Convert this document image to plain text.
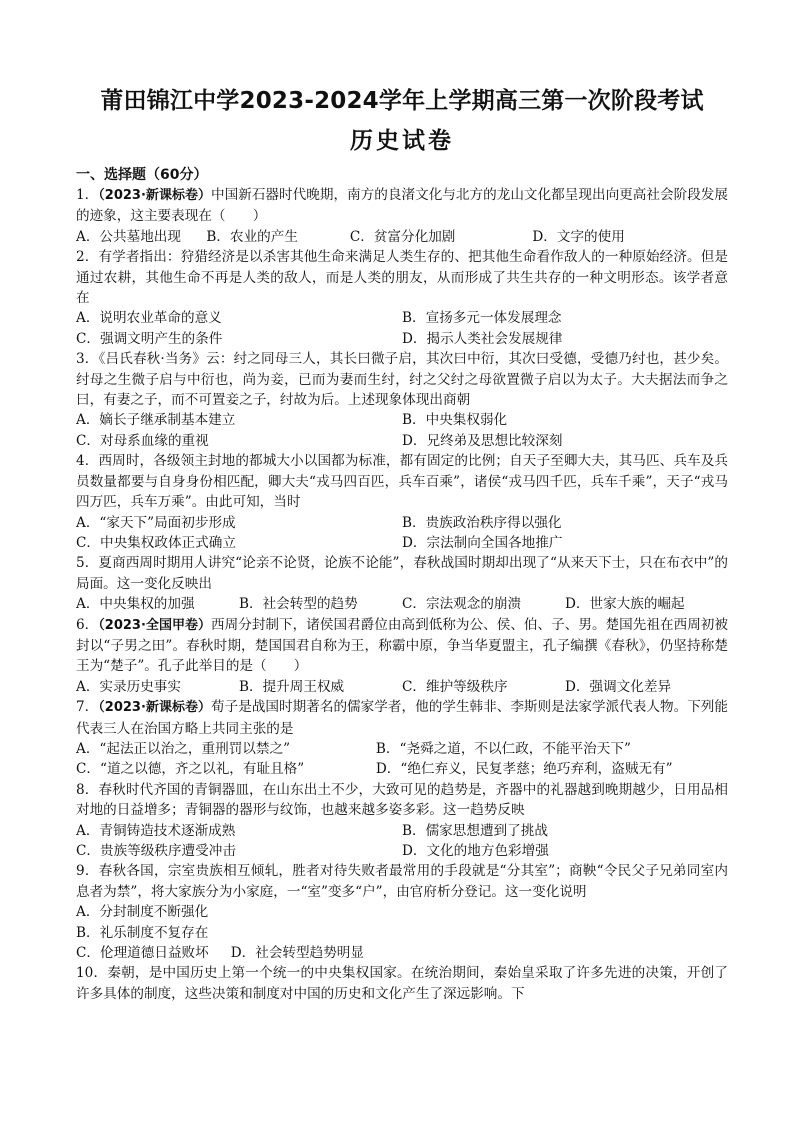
莆田锦江中学2023-2024学年上学期高三第一次阶段考试
历史试卷
一、选择题（60分）
1．（2023·新课标卷）中国新石器时代晚期，南方的良渚文化与北方的龙山文化都呈现出向更高社会阶段发展的迹象，这主要表现在（　　）
A．公共墓地出现	B．农业的产生	C．贫富分化加剧	D．文字的使用
2．有学者指出：狩猎经济是以杀害其他生命来满足人类生存的、把其他生命看作敌人的一种原始经济。但是通过农耕，其他生命不再是人类的敌人，而是人类的朋友，从而形成了共生共存的一种文明形态。该学者意在
A．说明农业革命的意义	B．宣扬多元一体发展理念
C．强调文明产生的条件	D．揭示人类社会发展规律
3．《吕氏春秋·当务》云：纣之同母三人，其长曰微子启，其次曰中衍，其次曰受德，受德乃纣也，甚少矣。纣母之生微子启与中衍也，尚为妾，已而为妻而生纣，纣之父纣之母欲置微子启以为太子。大夫据法而争之曰，有妻之子，而不可置妾之子，纣故为后。上述现象体现出商朝
A．嫡长子继承制基本建立	B．中央集权弱化
C．对母系血缘的重视	D．兄终弟及思想比较深刻
4．西周时，各级领主封地的都城大小以国都为标准，都有固定的比例；自天子至卿大夫，其马匹、兵车及兵员数量都要与自身身份相匹配，卿大夫“戎马四百匹，兵车百乘”，诸侯“戎马四千匹，兵车千乘”，天子“戎马四万匹，兵车万乘”。由此可知，当时
A．“家天下”局面初步形成	B．贵族政治秩序得以强化
C．中央集权政体正式确立	D．宗法制向全国各地推广
5．夏商西周时期用人讲究“论亲不论贤，论族不论能”，春秋战国时期却出现了“从来天下士，只在布衣中”的局面。这一变化反映出
A．中央集权的加强	B．社会转型的趋势	C．宗法观念的崩溃	D．世家大族的崛起
6．（2023·全国甲卷）西周分封制下，诸侯国君爵位由高到低称为公、侯、伯、子、男。楚国先祖在西周初被封以“子男之田”。春秋时期，楚国国君自称为王，称霸中原，争当华夏盟主，孔子编撰《春秋》，仍坚持称楚王为“楚子”。孔子此举目的是（　　）
A．实录历史事实	B．提升周王权威	C．维护等级秩序	D．强调文化差异
7．（2023·新课标卷）荀子是战国时期著名的儒家学者，他的学生韩非、李斯则是法家学派代表人物。下列能代表三人在治国方略上共同主张的是
A．“起法正以治之，重刑罚以禁之”	B．“尧舜之道，不以仁政，不能平治天下”
C．“道之以德，齐之以礼，有耻且格”	D．“绝仁弃义，民复孝慈；绝巧弃利，盗贼无有”
8．春秋时代齐国的青铜器皿，在山东出土不少，大致可见的趋势是，齐器中的礼器越到晚期越少，日用品相对地的日益增多；青铜器的器形与纹饰，也越来越多姿多彩。这一趋势反映
A．青铜铸造技术逐渐成熟	B．儒家思想遭到了挑战
C．贵族等级秩序遭受冲击	D．文化的地方色彩增强
9．春秋各国，宗室贵族相互倾轧，胜者对待失败者最常用的手段就是“分其室”；商鞅“令民父子兄弟同室内息者为禁”，将大家族分为小家庭，一“室”变多“户”，由官府析分登记。这一变化说明
A．分封制度不断强化
B．礼乐制度不复存在
C．伦理道德日益败坏 D．社会转型趋势明显
10．秦朝，是中国历史上第一个统一的中央集权国家。在统治期间，秦始皇采取了许多先进的决策，开创了许多具体的制度，这些决策和制度对中国的历史和文化产生了深远影响。下
